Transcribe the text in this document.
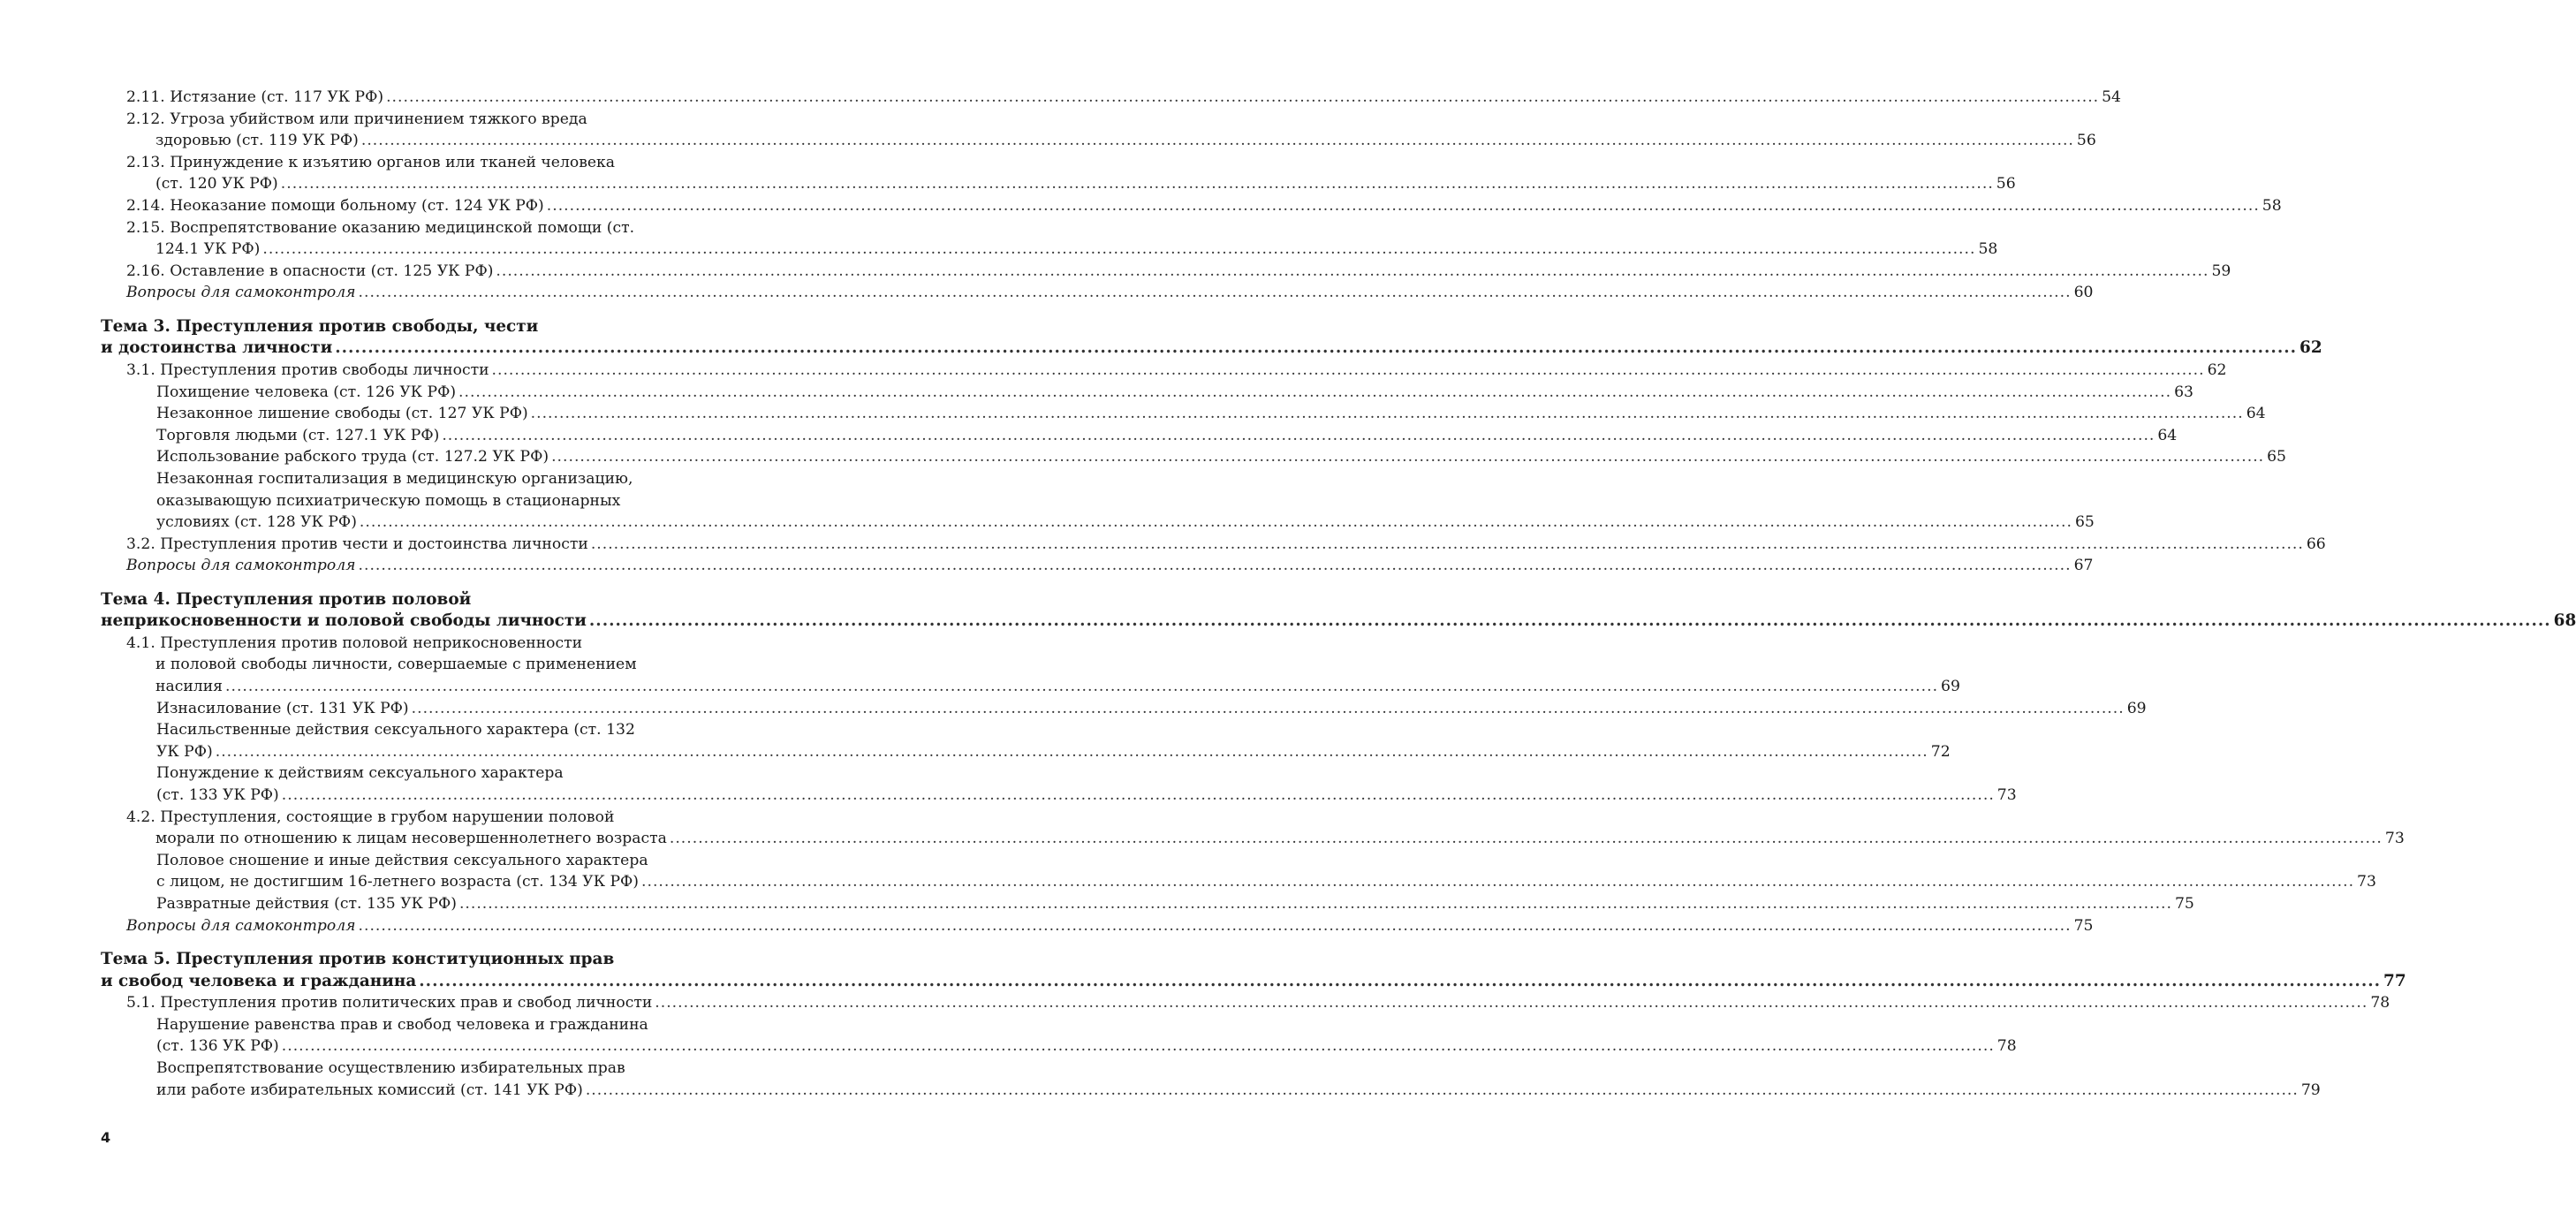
2.11. Истязание (ст. 117 УК РФ) ............................................................................................................................................................................................................................................................................................................ 54
2.12. Угроза убийством или причинением тяжкого вреда
здоровью (ст. 119 УК РФ) ............................................................................................................................................................................................................................................................................................................ 56
2.13. Принуждение к изъятию органов или тканей человека
(ст. 120 УК РФ) ............................................................................................................................................................................................................................................................................................................ 56
2.14. Неоказание помощи больному (ст. 124 УК РФ) ............................................................................................................................................................................................................................................................................................................ 58
2.15. Воспрепятствование оказанию медицинской помощи (ст.
124.1 УК РФ) ............................................................................................................................................................................................................................................................................................................ 58
2.16. Оставление в опасности (ст. 125 УК РФ) ............................................................................................................................................................................................................................................................................................................ 59
Вопросы для самоконтроля ............................................................................................................................................................................................................................................................................................................ 60
Тема 3. Преступления против свободы, чести
и достоинства личности ............................................................................................................................................................................................................................................................................................................ 62
3.1. Преступления против свободы личности ............................................................................................................................................................................................................................................................................................................ 62
Похищение человека (ст. 126 УК РФ) ............................................................................................................................................................................................................................................................................................................ 63
Незаконное лишение свободы (ст. 127 УК РФ) ............................................................................................................................................................................................................................................................................................................ 64
Торговля людьми (ст. 127.1 УК РФ) ............................................................................................................................................................................................................................................................................................................ 64
Использование рабского труда (ст. 127.2 УК РФ) ............................................................................................................................................................................................................................................................................................................ 65
Незаконная госпитализация в медицинскую организацию,
оказывающую психиатрическую помощь в стационарных
условиях (ст. 128 УК РФ) ............................................................................................................................................................................................................................................................................................................ 65
3.2. Преступления против чести и достоинства личности ............................................................................................................................................................................................................................................................................................................ 66
Вопросы для самоконтроля ............................................................................................................................................................................................................................................................................................................ 67
Тема 4. Преступления против половой
неприкосновенности и половой свободы личности ............................................................................................................................................................................................................................................................................................................ 68
4.1. Преступления против половой неприкосновенности
и половой свободы личности, совершаемые с применением
насилия ............................................................................................................................................................................................................................................................................................................ 69
Изнасилование (ст. 131 УК РФ) ............................................................................................................................................................................................................................................................................................................ 69
Насильственные действия сексуального характера (ст. 132
УК РФ) ............................................................................................................................................................................................................................................................................................................ 72
Понуждение к действиям сексуального характера
(ст. 133 УК РФ) ............................................................................................................................................................................................................................................................................................................ 73
4.2. Преступления, состоящие в грубом нарушении половой
морали по отношению к лицам несовершеннолетнего возраста ............................................................................................................................................................................................................................................................................................................ 73
Половое сношение и иные действия сексуального характера
с лицом, не достигшим 16-летнего возраста (ст. 134 УК РФ) ............................................................................................................................................................................................................................................................................................................ 73
Развратные действия (ст. 135 УК РФ) ............................................................................................................................................................................................................................................................................................................ 75
Вопросы для самоконтроля ............................................................................................................................................................................................................................................................................................................ 75
Тема 5. Преступления против конституционных прав
и свобод человека и гражданина ............................................................................................................................................................................................................................................................................................................ 77
5.1. Преступления против политических прав и свобод личности ............................................................................................................................................................................................................................................................................................................ 78
Нарушение равенства прав и свобод человека и гражданина
(ст. 136 УК РФ) ............................................................................................................................................................................................................................................................................................................ 78
Воспрепятствование осуществлению избирательных прав
или работе избирательных комиссий (ст. 141 УК РФ) ............................................................................................................................................................................................................................................................................................................ 79
4
